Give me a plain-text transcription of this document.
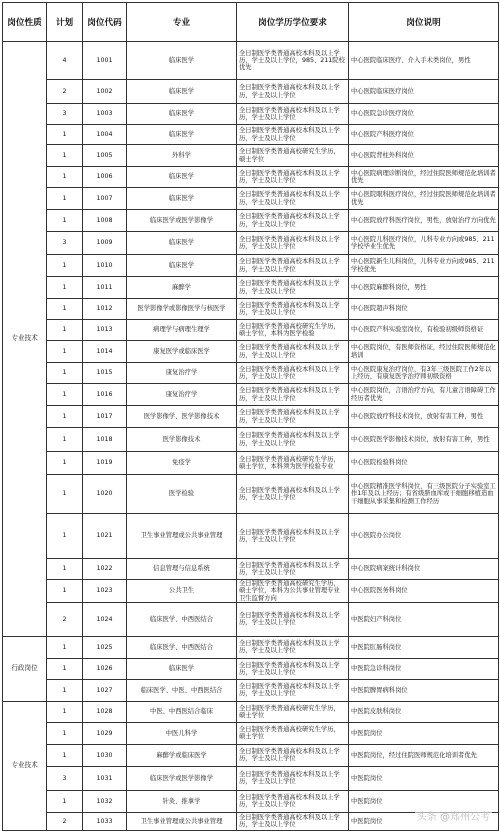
岗位性质	计划	岗位代码	专业	岗位学历学位要求	岗位说明
专业技术	4	1001	临床医学	全日制医学类普通高校本科及以上学历，学士及以上学位，985、211院校优先	中心医院临床医疗、介入手术类岗位，男性
	2	1002	临床医学	全日制医学类普通高校本科及以上学历，学士及以上学位	中心医院临床医疗岗位
	3	1003	临床医学	全日制医学类普通高校本科及以上学历，学士及以上学位	中心医院急诊医疗岗位
	1	1004	临床医学	全日制医学类普通高校本科及以上学历，学士及以上学位	中心医院产科医疗岗位
	1	1005	外科学	全日制医学类普通高校研究生学历，硕士学位	中心医院背柱外科岗位
	1	1006	临床医学	全日制医学类普通高校本科及以上学历，学士及以上学位	中心医院病理诊断岗位，经过住院医师规范化培训者优先
	1	1007	临床医学	全日制医学类普通高校本科及以上学历，学士及以上学位	中心医院眼科医疗岗位，经过住院医师规范化培训者优先
	1	1008	临床医学或医学影像学	全日制医学类普通高校本科及以上学历，学士及以上学位	中心医院放疗科医疗岗位，男性，放射治疗方向优先
	3	1009	临床医学	全日制医学类普通高校本科及以上学历，学士及以上学位	中心医院儿科医疗岗位，儿科专业方向或985、211学校毕业生优先
	1	1010	临床医学	全日制医学类普通高校本科及以上学历，学士及以上学位	中心医院新生儿科岗位，儿科专业方向或985、211学校优先
	1	1011	麻醉学	全日制医学类普通高校本科及以上学历，学士及以上学位	中心医院麻醉科岗位，男性
	1	1012	医学影像学或影像医学与核医学	全日制医学类普通高校本科及以上学历，学士及以上学位	中心医院超声科岗位
	1	1013	病理学与病理生理学	全日制医学类普通高校研究生学历，硕士学位，本科为医学检验	中心医院产科实验室岗位，有检验初级师资格证
	1	1014	康复医学或临床医学	全日制医学类普通高校本科及以上学历，学士及以上学位	中心医院岗位，有医师资格证，经过住院医师规范化培训
	1	1015	康复治疗学	全日制医学类普通高校本科及以上学历，学士及以上学位	中心医院康复治疗岗位，有3年三级医院工作2年以上经历，有康复医学治疗师初级资格
	1	1016	康复治疗学	全日制医学类普通高校本科及以上学历，学士及以上学位	中心医院岗位，言语治疗方向，有儿童言语障碍工作经历者优先
	1	1017	医学影像学、医学影像技术	全日制医学类普通高校本科及以上学历，学士及以上学位	中心医院放疗科技术岗位，放射有害工种，男性
	1	1018	医学影像技术	全日制医学类普通高校本科及以上学历，学士及以上学位	中心医院医学影像技术岗位，放射有害工种，男性
	1	1019	免疫学	全日制医学类普通高校研究生学历，硕士学位，本科须为医学检验专业	中心医院检验科岗位
	1	1020	医学检验	全日制医学类普通高校本科及以上学历，学士及以上学位	中心医院精准医学科岗位，有三级医院分子实验室工作1年及以上经历；有省级脐血库或干细胞移植造血干细胞从事采集和检测工作经历
	1	1021	卫生事业管理或公共事业管理	全日制医学类普通高校本科及以上学历，学士及以上学位	中心医院办公岗位
	1	1022	信息管理与信息系统	全日制医学类普通高校本科及以上学历，学士及以上学位	中心医院病案统计科岗位
	1	1023	公共卫生	全日制医学类普通高校研究生学历，硕士学位，本科为公共事业管理专业卫生监督方向	中心医院医务科岗位
	2	1024	临床医学、中西医结合	全日制医学类普通高校本科及以上学历，学士及以上学位	中医院妇产科岗位
行政岗位	1	1025	临床医学、中西医结合	全日制医学类普通高校本科及以上学历，学士及以上学位	中医院肛肠科岗位
	1	1026	临床医学	全日制医学类普通高校本科及以上学历，学士及以上学位	中医院急诊科岗位
	1	1027	临床医学、中医、中西医结合	全日制医学类普通高校本科及以上学历，学士及以上学位	中医院脾胃病科岗位
专业技术	1	1028	中医、中西医结合临床	全日制医学类普通高校研究生学历，硕士学位	中医院皮肤科岗位
	1	1029	中医儿科学	全日制医学类普通高校研究生学历，硕士学位	中医院岗位
	1	1030	麻醉学或临床医学	全日制医学类普通高校本科及以上学历，学士及以上学位	中医院岗位，经过住院医师规范化培训者优先
	3	1031	临床医学或医学影像学	全日制医学类普通高校本科及以上学历，学士及以上学位	中医院岗位
	1	1032	针灸、推拿学	全日制医学类普通高校本科及以上学历，学士及以上学位	中医院岗位
	2	1033	卫生事业管理或公共事业管理	全日制医学类普通高校本科及以上学历，学士及以上学位	中医院岗位	头条 @郑州公考
